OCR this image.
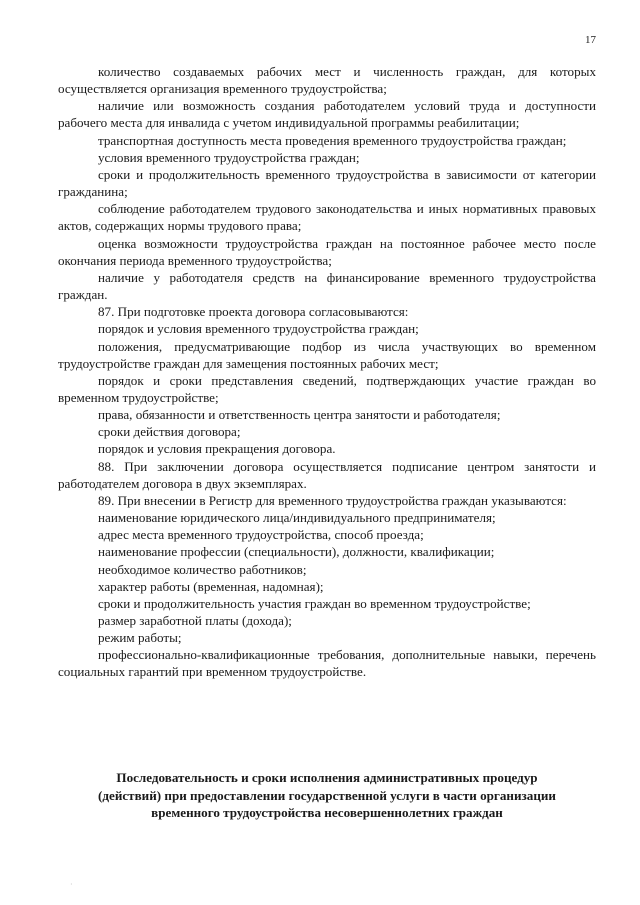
17

количество создаваемых рабочих мест и численность граждан, для которых осуществляется организация временного трудоустройства;

наличие или возможность создания работодателем условий труда и доступности рабочего места для инвалида с учетом индивидуальной программы реабилитации;

транспортная доступность места проведения временного трудоустройства граждан;

условия временного трудоустройства граждан;

сроки и продолжительность временного трудоустройства в зависимости от категории гражданина;

соблюдение работодателем трудового законодательства и иных нормативных правовых актов, содержащих нормы трудового права;

оценка возможности трудоустройства граждан на постоянное рабочее место после окончания периода временного трудоустройства;

наличие у работодателя средств на финансирование временного трудоустройства граждан.

87. При подготовке проекта договора согласовываются:

порядок и условия временного трудоустройства граждан;

положения, предусматривающие подбор из числа участвующих во временном трудоустройстве граждан для замещения постоянных рабочих мест;

порядок и сроки представления сведений, подтверждающих участие граждан во временном трудоустройстве;

права, обязанности и ответственность центра занятости и работодателя;

сроки действия договора;

порядок и условия прекращения договора.

88. При заключении договора осуществляется подписание центром занятости и работодателем договора в двух экземплярах.

89. При внесении в Регистр для временного трудоустройства граждан указываются:

наименование юридического лица/индивидуального предпринимателя;

адрес места временного трудоустройства, способ проезда;

наименование профессии (специальности), должности, квалификации;

необходимое количество работников;

характер работы (временная, надомная);

сроки и продолжительность участия граждан во временном трудоустройстве;

размер заработной платы (дохода);

режим работы;

профессионально-квалификационные требования, дополнительные навыки, перечень социальных гарантий при временном трудоустройстве.

Последовательность и сроки исполнения административных процедур
(действий) при предоставлении государственной услуги в части организации
временного трудоустройства несовершеннолетних граждан
·
